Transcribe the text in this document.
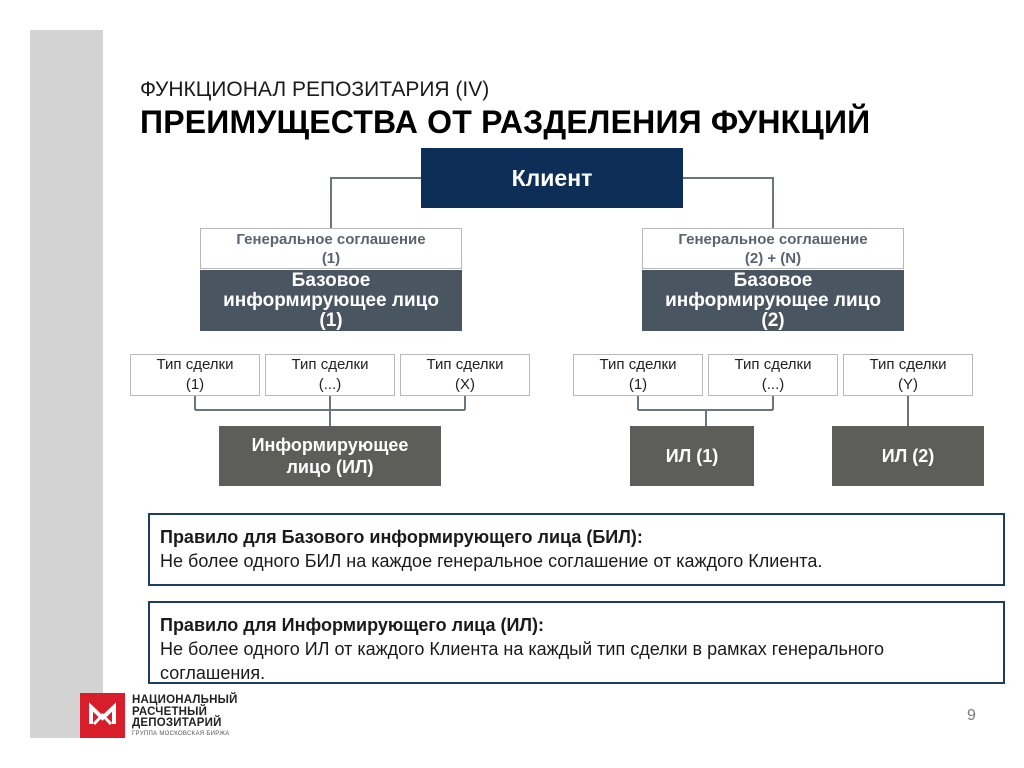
ФУНКЦИОНАЛ РЕПОЗИТАРИЯ (IV)
ПРЕИМУЩЕСТВА ОТ РАЗДЕЛЕНИЯ ФУНКЦИЙ
Клиент
Генеральное соглашение
(1)
Базовое
информирующее лицо
(1)
Тип сделки
(1)
Тип сделки
(...)
Тип сделки
(X)
Информирующее
лицо (ИЛ)
Генеральное соглашение
(2) + (N)
Базовое
информирующее лицо
(2)
Тип сделки
(1)
Тип сделки
(...)
Тип сделки
(Y)
ИЛ (1)	ИЛ (2)
Правило для Базового информирующего лица (БИЛ):
Не более одного БИЛ на каждое генеральное соглашение от каждого Клиента.
Правило для Информирующего лица (ИЛ):
Не более одного ИЛ от каждого Клиента на каждый тип сделки в рамках генерального соглашения.
НАЦИОНАЛЬНЫЙ
РАСЧЕТНЫЙ
ДЕПОЗИТАРИЙ
ГРУППА МОСКОВСКАЯ БИРЖА
9
